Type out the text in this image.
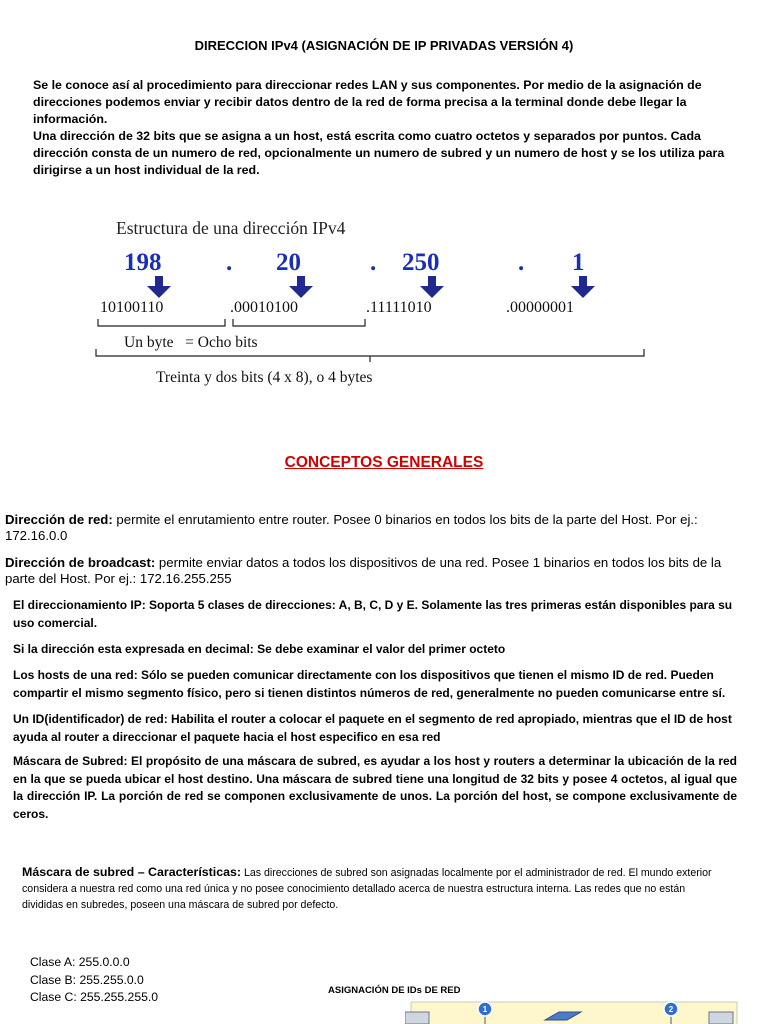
DIRECCION IPv4 (ASIGNACIÓN DE IP PRIVADAS VERSIÓN 4)

Se le conoce así al procedimiento para direccionar redes LAN y sus componentes. Por medio de la asignación de direcciones podemos enviar y recibir datos dentro de la red de forma precisa a la terminal donde debe llegar la información.

Una dirección de 32 bits que se asigna a un host, está escrita como cuatro octetos y separados por puntos. Cada dirección consta de un numero de red, opcionalmente un numero de subred y un numero de host y se los utiliza para dirigirse a un host individual de la red.

Estructura de una dirección IPv4
198	. 20	. 250	. 1
10100110	.00010100	.11111010	.00000001
Un byte   = Ocho bits
Treinta y dos bits (4 x 8), o 4 bytes
CONCEPTOS GENERALES
Dirección de red: permite el enrutamiento entre router. Posee 0 binarios en todos los bits de la parte del Host. Por ej.: 172.16.0.0
Dirección de broadcast: permite enviar datos a todos los dispositivos de una red. Posee 1 binarios en todos los bits de la parte del Host. Por ej.: 172.16.255.255
El direccionamiento IP: Soporta 5 clases de direcciones: A, B, C, D y E. Solamente las tres primeras están disponibles para su uso comercial.
Si la dirección esta expresada en decimal: Se debe examinar el valor del primer octeto
Los hosts de una red: Sólo se pueden comunicar directamente con los dispositivos que tienen el mismo ID de red. Pueden compartir el mismo segmento físico, pero si tienen distintos números de red, generalmente no pueden comunicarse entre sí.
Un ID(identificador) de red: Habilita el router a colocar el paquete en el segmento de red apropiado, mientras que el ID de host ayuda al router a direccionar el paquete hacia el host especifico en esa red
Máscara de Subred: El propósito de una máscara de subred, es ayudar a los host y routers a determinar la ubicación de la red en la que se pueda ubicar el host destino. Una máscara de subred tiene una longitud de 32 bits y posee 4 octetos, al igual que la dirección IP. La porción de red se componen exclusivamente de unos. La porción del host, se compone exclusivamente de ceros.
Máscara de subred – Características: Las direcciones de subred son asignadas localmente por el administrador de red. El mundo exterior considera a nuestra red como una red única y no posee conocimiento detallado acerca de nuestra estructura interna. Las redes que no están divididas en subredes, poseen una máscara de subred por defecto.
Clase A: 255.0.0.0
Clase B: 255.255.0.0
Clase C: 255.255.255.0	ASIGNACIÓN DE IDs DE RED
1	2
